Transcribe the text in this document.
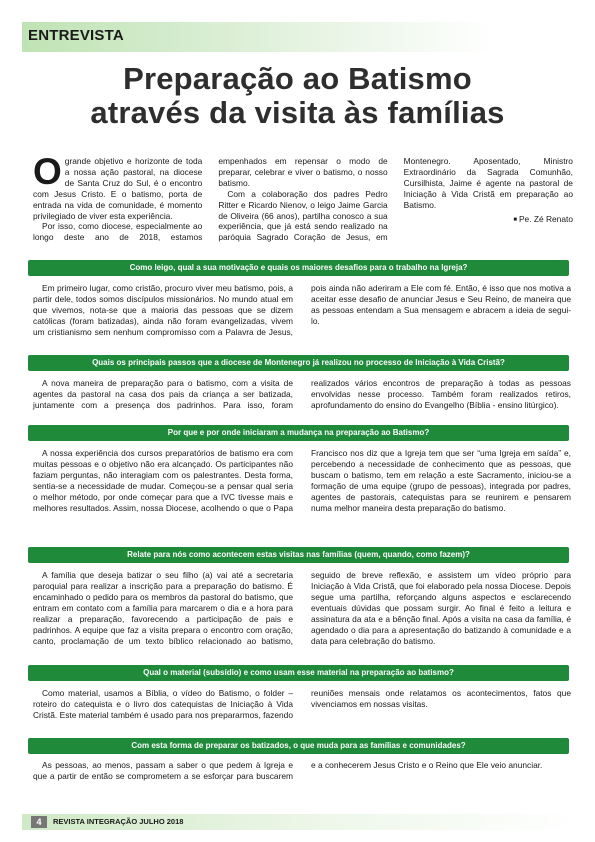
ENTREVISTA
Preparação ao Batismo
através da visita às famílias

Ogrande objetivo e horizonte de toda a nossa ação pastoral, na diocese de Santa Cruz do Sul, é o encontro com Jesus Cristo. E o batismo, porta de entrada na vida de comunidade, é momento privilegiado de viver esta experiência.

Por isso, como diocese, especialmente ao longo deste ano de 2018, estamos empenhados em repensar o modo de preparar, celebrar e viver o batismo, o nosso batismo.

Com a colaboração dos padres Pedro Ritter e Ricardo Nienov, o leigo Jaime Garcia de Oliveira (66 anos), partilha conosco a sua experiência, que já está sendo realizado na paróquia Sagrado Coração de Jesus, em Montenegro. Aposentado, Ministro Extraordinário da Sagrada Comunhão, Cursilhista, Jaime é agente na pastoral de Iniciação à Vida Cristã em preparação ao Batismo.

■ Pe. Zé Renato

Como leigo, qual a sua motivação e quais os maiores desafios para o trabalho na Igreja?

Em primeiro lugar, como cristão, procuro viver meu batismo, pois, a partir dele, todos somos discípulos missionários. No mundo atual em que vivemos, nota-se que a maioria das pessoas que se dizem católicas (foram batizadas), ainda não foram evangelizadas, vivem um cristianismo sem nenhum compromisso com a Palavra de Jesus, pois ainda não aderiram a Ele com fé. Então, é isso que nos motiva a aceitar esse desafio de anunciar Jesus e Seu Reino, de maneira que as pessoas entendam a Sua mensagem e abracem a ideia de segui-lo.

Quais os principais passos que a diocese de Montenegro já realizou no processo de Iniciação à Vida Cristã?

A nova maneira de preparação para o batismo, com a visita de agentes da pastoral na casa dos pais da criança a ser batizada, juntamente com a presença dos padrinhos. Para isso, foram realizados vários encontros de preparação à todas as pessoas envolvidas nesse processo. Também foram realizados retiros, aprofundamento do ensino do Evangelho (Bíblia - ensino litúrgico).

Por que e por onde iniciaram a mudança na preparação ao Batismo?

A nossa experiência dos cursos preparatórios de batismo era com muitas pessoas e o objetivo não era alcançado. Os participantes não faziam perguntas, não interagiam com os palestrantes. Desta forma, sentia-se a necessidade de mudar. Começou-se a pensar qual seria o melhor método, por onde começar para que a IVC tivesse mais e melhores resultados. Assim, nossa Diocese, acolhendo o que o Papa Francisco nos diz que a Igreja tem que ser “uma Igreja em saída” e, percebendo a necessidade de conhecimento que as pessoas, que buscam o batismo, tem em relação a este Sacramento, iniciou-se a formação de uma equipe (grupo de pessoas), integrada por padres, agentes de pastorais, catequistas para se reunirem e pensarem numa melhor maneira desta preparação do batismo.

Relate para nós como acontecem estas visitas nas famílias (quem, quando, como fazem)?

A família que deseja batizar o seu filho (a) vai até a secretaria paroquial para realizar a inscrição para a preparação do batismo. É encaminhado o pedido para os membros da pastoral do batismo, que entram em contato com a família para marcarem o dia e a hora para realizar a preparação, favorecendo a participação de pais e padrinhos. A equipe que faz a visita prepara o encontro com oração, canto, proclamação de um texto bíblico relacionado ao batismo, seguido de breve reflexão, e assistem um vídeo próprio para Iniciação à Vida Cristã, que foi elaborado pela nossa Diocese. Depois segue uma partilha, reforçando alguns aspectos e esclarecendo eventuais dúvidas que possam surgir. Ao final é feito a leitura e assinatura da ata e a bênção final. Após a visita na casa da família, é agendado o dia para a apresentação do batizando à comunidade e a data para celebração do batismo.

Qual o material (subsídio) e como usam esse material na preparação ao batismo?

Como material, usamos a Bíblia, o vídeo do Batismo, o folder – roteiro do catequista e o livro dos catequistas de Iniciação à Vida Cristã. Este material também é usado para nos prepararmos, fazendo reuniões mensais onde relatamos os acontecimentos, fatos que vivenciamos em nossas visitas.

Com esta forma de preparar os batizados, o que muda para as famílias e comunidades?

As pessoas, ao menos, passam a saber o que pedem à Igreja e que a partir de então se comprometem a se esforçar para buscarem e a conhecerem Jesus Cristo e o Reino que Ele veio anunciar.

4	REVISTA INTEGRAÇÃO JULHO 2018
